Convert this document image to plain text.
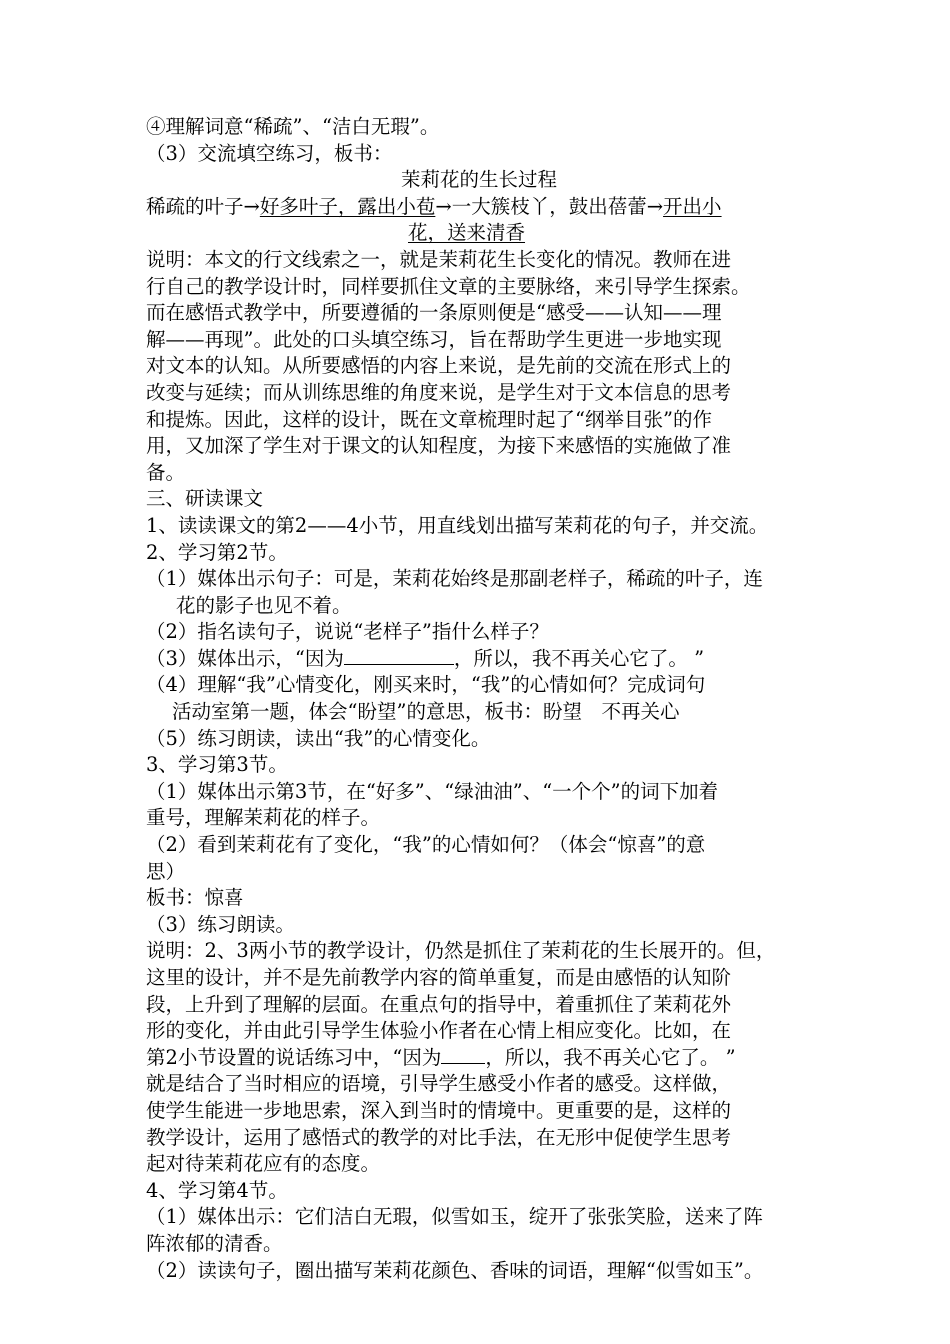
④理解词意“稀疏”、“洁白无瑕”。

（3）交流填空练习，板书：

茉莉花的生长过程

稀疏的叶子→好多叶子，露出小苞→一大簇枝丫，鼓出蓓蕾→开出小

花，送来清香

说明：本文的行文线索之一，就是茉莉花生长变化的情况。教师在进

行自己的教学设计时，同样要抓住文章的主要脉络，来引导学生探索。

而在感悟式教学中，所要遵循的一条原则便是“感受——认知——理

解——再现”。此处的口头填空练习，旨在帮助学生更进一步地实现

对文本的认知。从所要感悟的内容上来说，是先前的交流在形式上的

改变与延续；而从训练思维的角度来说，是学生对于文本信息的思考

和提炼。因此，这样的设计，既在文章梳理时起了“纲举目张”的作

用，又加深了学生对于课文的认知程度，为接下来感悟的实施做了准

备。

三、研读课文

1、读读课文的第2——4小节，用直线划出描写茉莉花的句子，并交流。

2、学习第2节。

（1）媒体出示句子：可是，茉莉花始终是那副老样子，稀疏的叶子，连

花的影子也见不着。

（2）指名读句子，说说“老样子”指什么样子？

（3）媒体出示，“因为	，所以，我不再关心它了。 ”

（4）理解“我”心情变化，刚买来时，“我”的心情如何？完成词句

活动室第一题，体会“盼望”的意思，板书：盼望　不再关心

（5）练习朗读，读出“我”的心情变化。

3、学习第3节。

（1）媒体出示第3节，在“好多”、“绿油油”、“一个个”的词下加着

重号，理解茉莉花的样子。

（2）看到茉莉花有了变化，“我”的心情如何？（体会“惊喜”的意

思）

板书：惊喜

（3）练习朗读。

说明：2、3两小节的教学设计，仍然是抓住了茉莉花的生长展开的。但，

这里的设计，并不是先前教学内容的简单重复，而是由感悟的认知阶

段，上升到了理解的层面。在重点句的指导中，着重抓住了茉莉花外

形的变化，并由此引导学生体验小作者在心情上相应变化。比如，在

第2小节设置的说话练习中，“因为 ，所以，我不再关心它了。 ”

就是结合了当时相应的语境，引导学生感受小作者的感受。这样做，

使学生能进一步地思索，深入到当时的情境中。更重要的是，这样的

教学设计，运用了感悟式的教学的对比手法，在无形中促使学生思考

起对待茉莉花应有的态度。

4、学习第4节。

（1）媒体出示：它们洁白无瑕，似雪如玉，绽开了张张笑脸，送来了阵

阵浓郁的清香。

（2）读读句子，圈出描写茉莉花颜色、香味的词语，理解“似雪如玉”。
